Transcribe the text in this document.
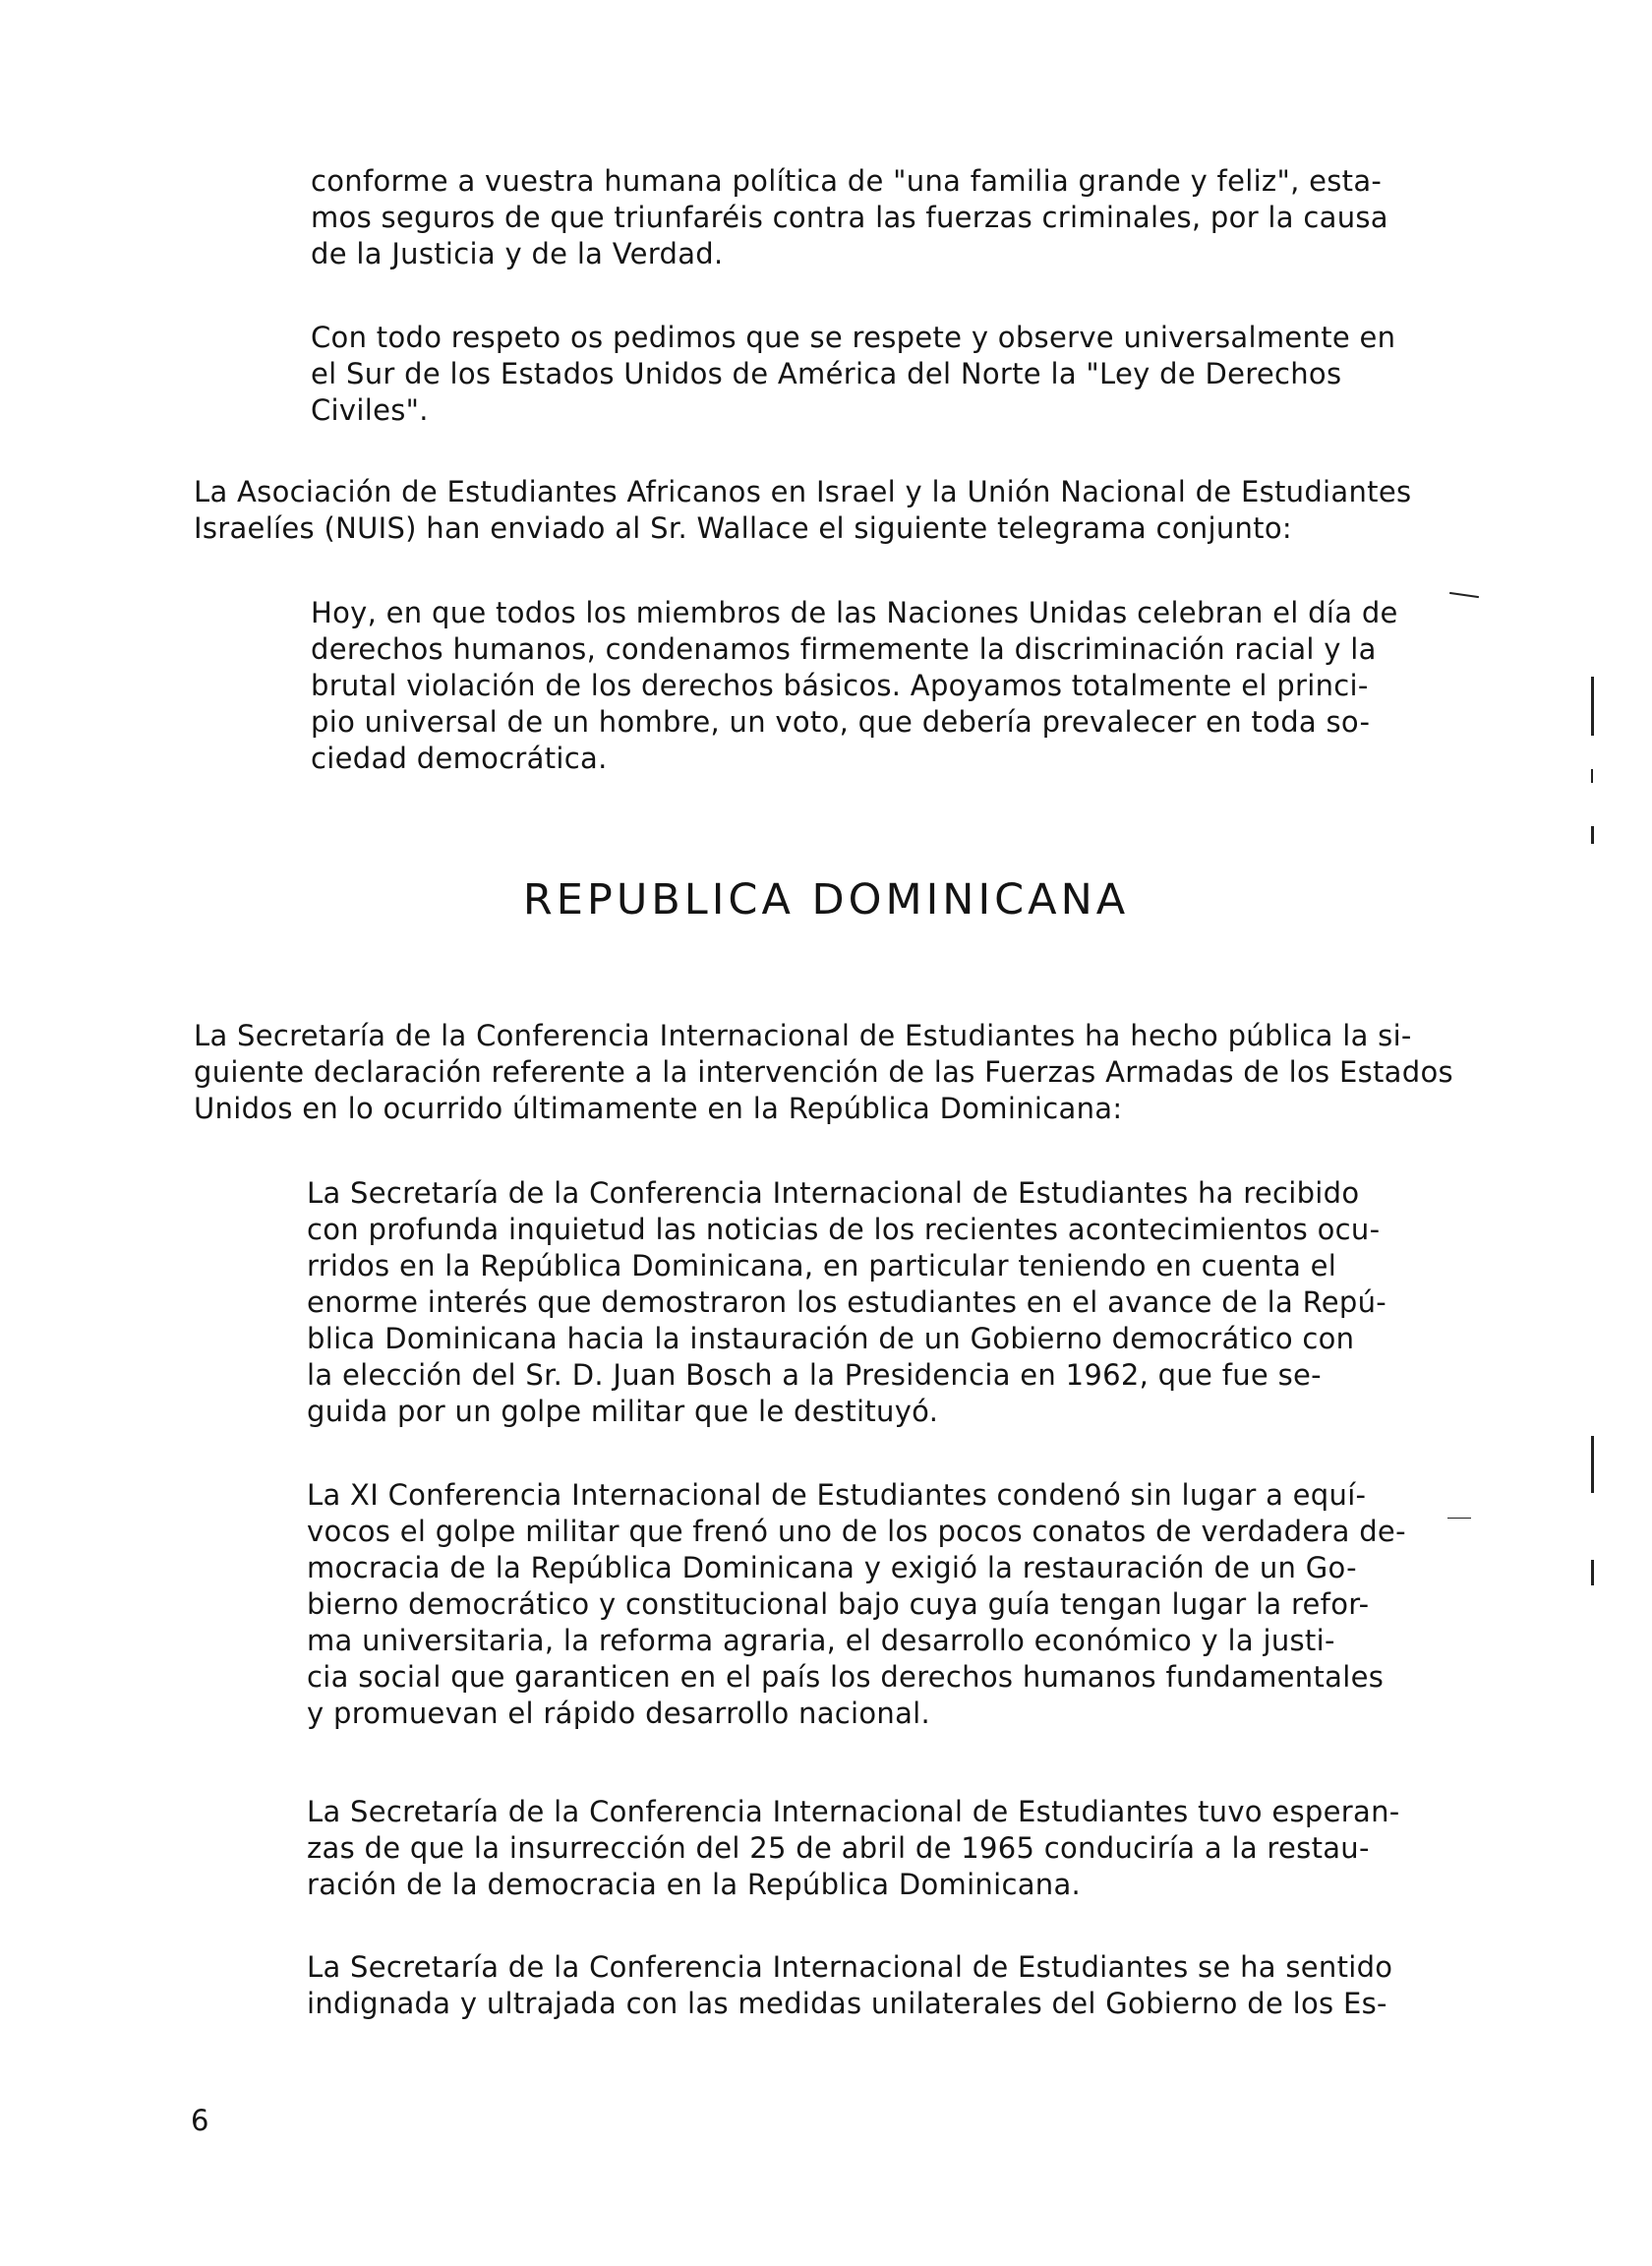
conforme a vuestra humana política de "una familia grande y feliz", esta-
mos seguros de que triunfaréis contra las fuerzas criminales, por la causa
de la Justicia y de la Verdad.

Con todo respeto os pedimos que se respete y observe universalmente en
el Sur de los Estados Unidos de América del Norte la "Ley de Derechos
Civiles".

La Asociación de Estudiantes Africanos en Israel y la Unión Nacional de Estudiantes
Israelíes (NUIS) han enviado al Sr. Wallace el siguiente telegrama conjunto:

Hoy, en que todos los miembros de las Naciones Unidas celebran el día de
derechos humanos, condenamos firmemente la discriminación racial y la
brutal violación de los derechos básicos. Apoyamos totalmente el princi-
pio universal de un hombre, un voto, que debería prevalecer en toda so-
ciedad democrática.

REPUBLICA DOMINICANA

La Secretaría de la Conferencia Internacional de Estudiantes ha hecho pública la si-
guiente declaración referente a la intervención de las Fuerzas Armadas de los Estados
Unidos en lo ocurrido últimamente en la República Dominicana:

La Secretaría de la Conferencia Internacional de Estudiantes ha recibido
con profunda inquietud las noticias de los recientes acontecimientos ocu-
rridos en la República Dominicana, en particular teniendo en cuenta el
enorme interés que demostraron los estudiantes en el avance de la Repú-
blica Dominicana hacia la instauración de un Gobierno democrático con
la elección del Sr. D. Juan Bosch a la Presidencia en 1962, que fue se-
guida por un golpe militar que le destituyó.

La XI Conferencia Internacional de Estudiantes condenó sin lugar a equí-
vocos el golpe militar que frenó uno de los pocos conatos de verdadera de-
mocracia de la República Dominicana y exigió la restauración de un Go-
bierno democrático y constitucional bajo cuya guía tengan lugar la refor-
ma universitaria, la reforma agraria, el desarrollo económico y la justi-
cia social que garanticen en el país los derechos humanos fundamentales
y promuevan el rápido desarrollo nacional.

La Secretaría de la Conferencia Internacional de Estudiantes tuvo esperan-
zas de que la insurrección del 25 de abril de 1965 conduciría a la restau-
ración de la democracia en la República Dominicana.

La Secretaría de la Conferencia Internacional de Estudiantes se ha sentido
indignada y ultrajada con las medidas unilaterales del Gobierno de los Es-

6
